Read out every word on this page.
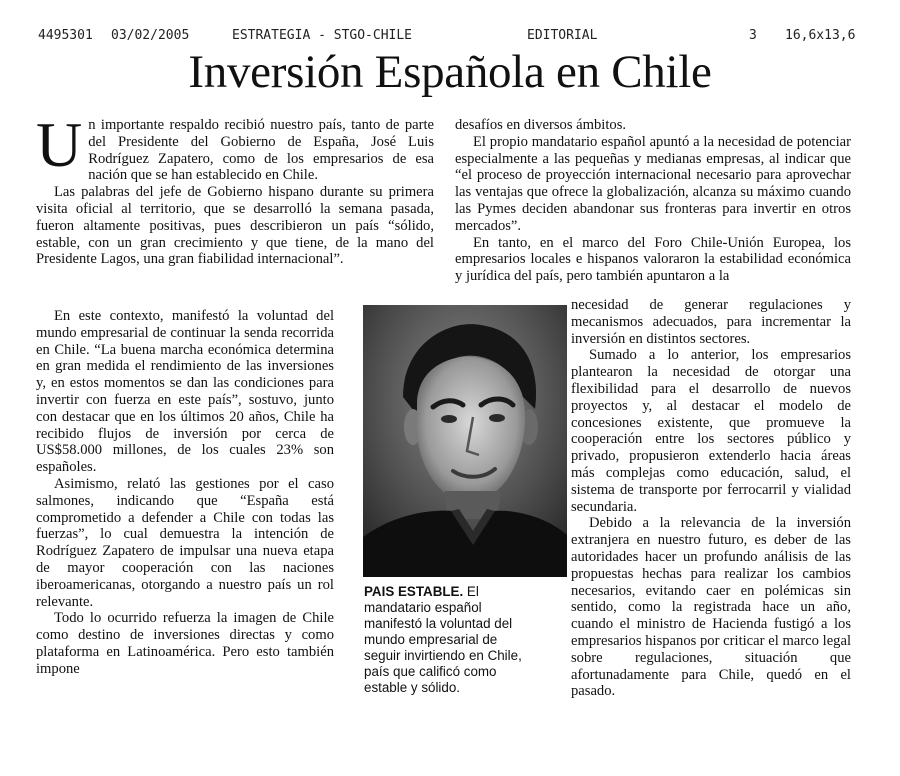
4495301 03/02/2005	ESTRATEGIA - STGO-CHILE	EDITORIAL	3 16,6x13,6
Inversión Española en Chile
U n importante respaldo recibió nuestro país, tanto de parte del Presidente del Gobierno de España, José Luis Rodríguez Zapatero, como de los empresarios de esa nación que se han establecido en Chile.

Las palabras del jefe de Gobierno hispano durante su primera visita oficial al territorio, que se desarrolló la semana pasada, fueron altamente positivas, pues describieron un país “sólido, estable, con un gran crecimiento y que tiene, de la mano del Presidente Lagos, una gran fiabilidad internacional”.

En este contexto, manifestó la voluntad del mundo empresarial de continuar la senda recorrida en Chile. “La buena marcha económica determina en gran medida el rendimiento de las inversiones y, en estos momentos se dan las condiciones para invertir con fuerza en este país”, sostuvo, junto con destacar que en los últimos 20 años, Chile ha recibido flujos de inversión por cerca de US$58.000 millones, de los cuales 23% son españoles.

Asimismo, relató las gestiones por el caso salmones, indicando que “España está comprometido a defender a Chile con todas las fuerzas”, lo cual demuestra la intención de Rodríguez Zapatero de impulsar una nueva etapa de mayor cooperación con las naciones iberoamericanas, otorgando a nuestro país un rol relevante.

Todo lo ocurrido refuerza la imagen de Chile como destino de inversiones directas y como plataforma en Latinoamérica. Pero esto también impone

desafíos en diversos ámbitos.

El propio mandatario español apuntó a la necesidad de potenciar especialmente a las pequeñas y medianas empresas, al indicar que “el proceso de proyección internacional necesario para aprovechar las ventajas que ofrece la globalización, alcanza su máximo cuando las Pymes deciden abandonar sus fronteras para invertir en otros mercados”.

En tanto, en el marco del Foro Chile-Unión Europea, los empresarios locales e hispanos valoraron la estabilidad económica y jurídica del país, pero también apuntaron a la

necesidad de generar regulaciones y mecanismos adecuados, para incrementar la inversión en distintos sectores.

Sumado a lo anterior, los empresarios plantearon la necesidad de otorgar una flexibilidad para el desarrollo de nuevos proyectos y, al destacar el modelo de concesiones existente, que promueve la cooperación entre los sectores público y privado, propusieron extenderlo hacia áreas más complejas como educación, salud, el sistema de transporte por ferrocarril y vialidad secundaria.

Debido a la relevancia de la inversión extranjera en nuestro futuro, es deber de las autoridades hacer un profundo análisis de las propuestas hechas para realizar los cambios necesarios, evitando caer en polémicas sin sentido, como la registrada hace un año, cuando el ministro de Hacienda fustigó a los empresarios hispanos por criticar el marco legal sobre regulaciones, situación que afortunadamente para Chile, quedó en el pasado.

PAIS ESTABLE. El mandatario español manifestó la voluntad del mundo empresarial de seguir invirtiendo en Chile, país que calificó como estable y sólido.
